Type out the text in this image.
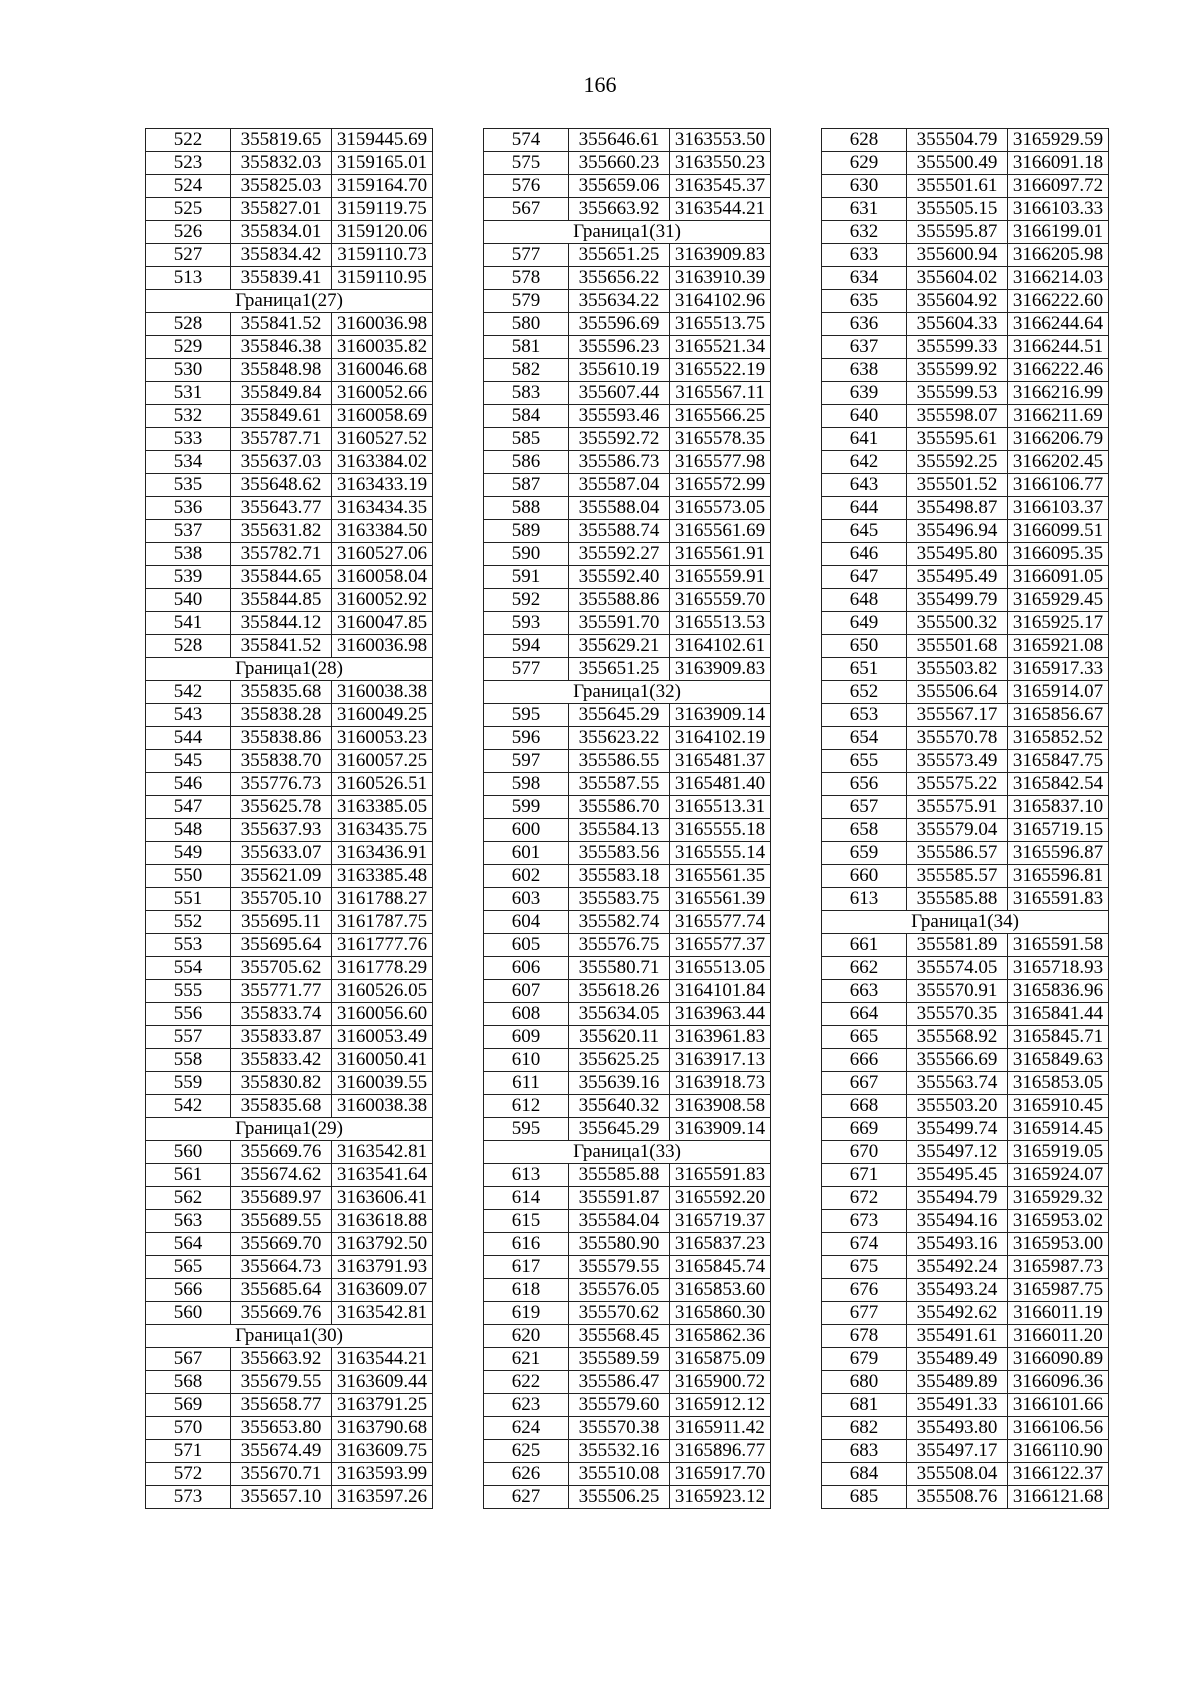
166
522	355819.65	3159445.69
523	355832.03	3159165.01
524	355825.03	3159164.70
525	355827.01	3159119.75
526	355834.01	3159120.06
527	355834.42	3159110.73
513	355839.41	3159110.95
Граница1(27)		
528	355841.52	3160036.98
529	355846.38	3160035.82
530	355848.98	3160046.68
531	355849.84	3160052.66
532	355849.61	3160058.69
533	355787.71	3160527.52
534	355637.03	3163384.02
535	355648.62	3163433.19
536	355643.77	3163434.35
537	355631.82	3163384.50
538	355782.71	3160527.06
539	355844.65	3160058.04
540	355844.85	3160052.92
541	355844.12	3160047.85
528	355841.52	3160036.98
Граница1(28)		
542	355835.68	3160038.38
543	355838.28	3160049.25
544	355838.86	3160053.23
545	355838.70	3160057.25
546	355776.73	3160526.51
547	355625.78	3163385.05
548	355637.93	3163435.75
549	355633.07	3163436.91
550	355621.09	3163385.48
551	355705.10	3161788.27
552	355695.11	3161787.75
553	355695.64	3161777.76
554	355705.62	3161778.29
555	355771.77	3160526.05
556	355833.74	3160056.60
557	355833.87	3160053.49
558	355833.42	3160050.41
559	355830.82	3160039.55
542	355835.68	3160038.38
Граница1(29)		
560	355669.76	3163542.81
561	355674.62	3163541.64
562	355689.97	3163606.41
563	355689.55	3163618.88
564	355669.70	3163792.50
565	355664.73	3163791.93
566	355685.64	3163609.07
560	355669.76	3163542.81
Граница1(30)		
567	355663.92	3163544.21
568	355679.55	3163609.44
569	355658.77	3163791.25
570	355653.80	3163790.68
571	355674.49	3163609.75
572	355670.71	3163593.99
573	355657.10	3163597.26
574	355646.61	3163553.50
575	355660.23	3163550.23
576	355659.06	3163545.37
567	355663.92	3163544.21
Граница1(31)		
577	355651.25	3163909.83
578	355656.22	3163910.39
579	355634.22	3164102.96
580	355596.69	3165513.75
581	355596.23	3165521.34
582	355610.19	3165522.19
583	355607.44	3165567.11
584	355593.46	3165566.25
585	355592.72	3165578.35
586	355586.73	3165577.98
587	355587.04	3165572.99
588	355588.04	3165573.05
589	355588.74	3165561.69
590	355592.27	3165561.91
591	355592.40	3165559.91
592	355588.86	3165559.70
593	355591.70	3165513.53
594	355629.21	3164102.61
577	355651.25	3163909.83
Граница1(32)		
595	355645.29	3163909.14
596	355623.22	3164102.19
597	355586.55	3165481.37
598	355587.55	3165481.40
599	355586.70	3165513.31
600	355584.13	3165555.18
601	355583.56	3165555.14
602	355583.18	3165561.35
603	355583.75	3165561.39
604	355582.74	3165577.74
605	355576.75	3165577.37
606	355580.71	3165513.05
607	355618.26	3164101.84
608	355634.05	3163963.44
609	355620.11	3163961.83
610	355625.25	3163917.13
611	355639.16	3163918.73
612	355640.32	3163908.58
595	355645.29	3163909.14
Граница1(33)		
613	355585.88	3165591.83
614	355591.87	3165592.20
615	355584.04	3165719.37
616	355580.90	3165837.23
617	355579.55	3165845.74
618	355576.05	3165853.60
619	355570.62	3165860.30
620	355568.45	3165862.36
621	355589.59	3165875.09
622	355586.47	3165900.72
623	355579.60	3165912.12
624	355570.38	3165911.42
625	355532.16	3165896.77
626	355510.08	3165917.70
627	355506.25	3165923.12
628	355504.79	3165929.59
629	355500.49	3166091.18
630	355501.61	3166097.72
631	355505.15	3166103.33
632	355595.87	3166199.01
633	355600.94	3166205.98
634	355604.02	3166214.03
635	355604.92	3166222.60
636	355604.33	3166244.64
637	355599.33	3166244.51
638	355599.92	3166222.46
639	355599.53	3166216.99
640	355598.07	3166211.69
641	355595.61	3166206.79
642	355592.25	3166202.45
643	355501.52	3166106.77
644	355498.87	3166103.37
645	355496.94	3166099.51
646	355495.80	3166095.35
647	355495.49	3166091.05
648	355499.79	3165929.45
649	355500.32	3165925.17
650	355501.68	3165921.08
651	355503.82	3165917.33
652	355506.64	3165914.07
653	355567.17	3165856.67
654	355570.78	3165852.52
655	355573.49	3165847.75
656	355575.22	3165842.54
657	355575.91	3165837.10
658	355579.04	3165719.15
659	355586.57	3165596.87
660	355585.57	3165596.81
613	355585.88	3165591.83
Граница1(34)		
661	355581.89	3165591.58
662	355574.05	3165718.93
663	355570.91	3165836.96
664	355570.35	3165841.44
665	355568.92	3165845.71
666	355566.69	3165849.63
667	355563.74	3165853.05
668	355503.20	3165910.45
669	355499.74	3165914.45
670	355497.12	3165919.05
671	355495.45	3165924.07
672	355494.79	3165929.32
673	355494.16	3165953.02
674	355493.16	3165953.00
675	355492.24	3165987.73
676	355493.24	3165987.75
677	355492.62	3166011.19
678	355491.61	3166011.20
679	355489.49	3166090.89
680	355489.89	3166096.36
681	355491.33	3166101.66
682	355493.80	3166106.56
683	355497.17	3166110.90
684	355508.04	3166122.37
685	355508.76	3166121.68
